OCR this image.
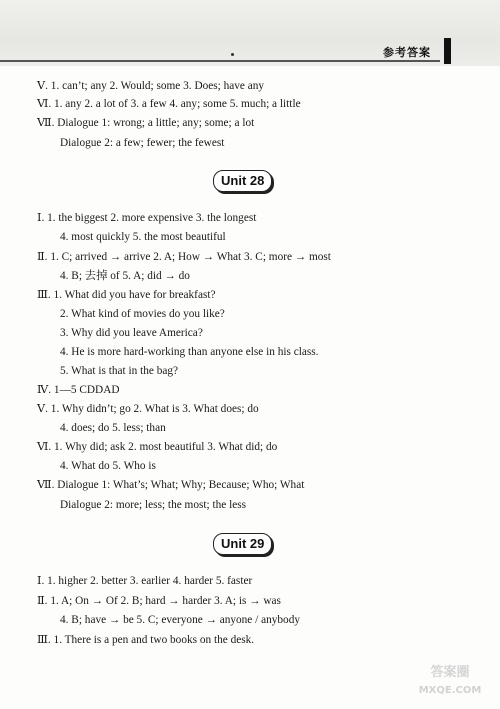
参考答案
Ⅴ. 1. can’t; any 2. Would; some 3. Does; have any
Ⅵ. 1. any 2. a lot of 3. a few 4. any; some 5. much; a little
Ⅶ. Dialogue 1: wrong; a little; any; some; a lot
Dialogue 2: a few; fewer; the fewest
Unit 28
Ⅰ. 1. the biggest 2. more expensive 3. the longest
4. most quickly 5. the most beautiful
Ⅱ. 1. C; arrived → arrive 2. A; How → What 3. C; more → most
4. B; 去掉 of 5. A; did → do
Ⅲ. 1. What did you have for breakfast?
2. What kind of movies do you like?
3. Why did you leave America?
4. He is more hard-working than anyone else in his class.
5. What is that in the bag?
Ⅳ. 1—5 CDDAD
Ⅴ. 1. Why didn’t; go 2. What is 3. What does; do
4. does; do 5. less; than
Ⅵ. 1. Why did; ask 2. most beautiful 3. What did; do
4. What do 5. Who is
Ⅶ. Dialogue 1: What’s; What; Why; Because; Who; What
Dialogue 2: more; less; the most; the less
Unit 29
Ⅰ. 1. higher 2. better 3. earlier 4. harder 5. faster
Ⅱ. 1. A; On → Of 2. B; hard → harder 3. A; is → was
4. B; have → be 5. C; everyone → anyone / anybody
Ⅲ. 1. There is a pen and two books on the desk.
答案圈
MXQE.COM
